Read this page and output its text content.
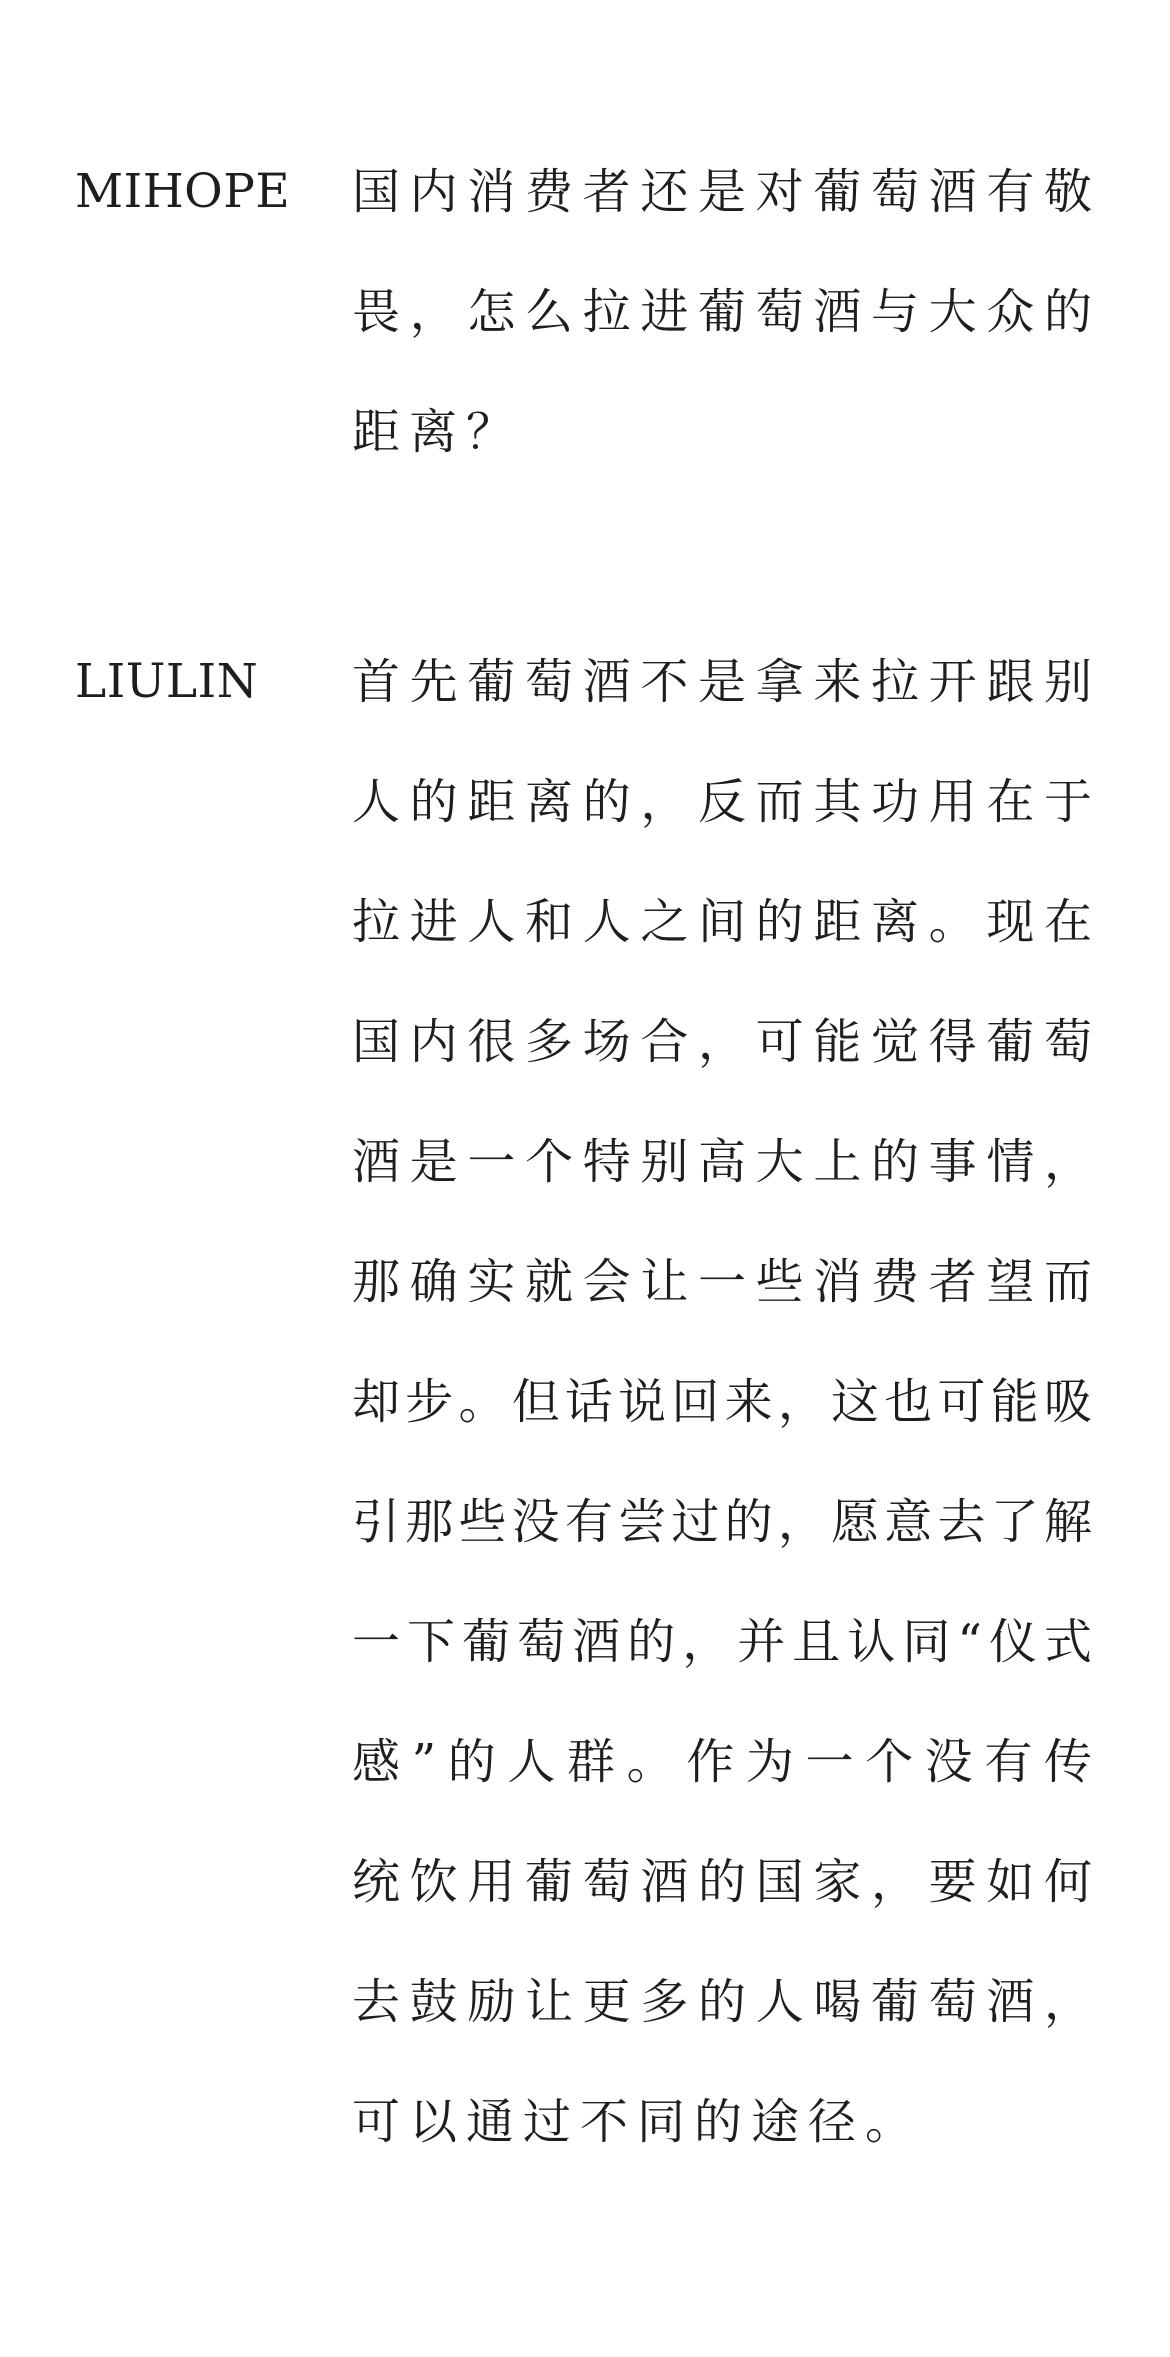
MIHOPE	国内消费者还是对葡萄酒有敬
畏，怎么拉进葡萄酒与大众的
距离？
LIULIN	首先葡萄酒不是拿来拉开跟别
人的距离的，反而其功用在于
拉进人和人之间的距离。现在
国内很多场合，可能觉得葡萄
酒是一个特别高大上的事情，
那确实就会让一些消费者望而
却步。但话说回来，这也可能吸
引那些没有尝过的，愿意去了解
一下葡萄酒的，并且认同“仪式
感”的人群。作为一个没有传
统饮用葡萄酒的国家，要如何
去鼓励让更多的人喝葡萄酒，
可以通过不同的途径。
